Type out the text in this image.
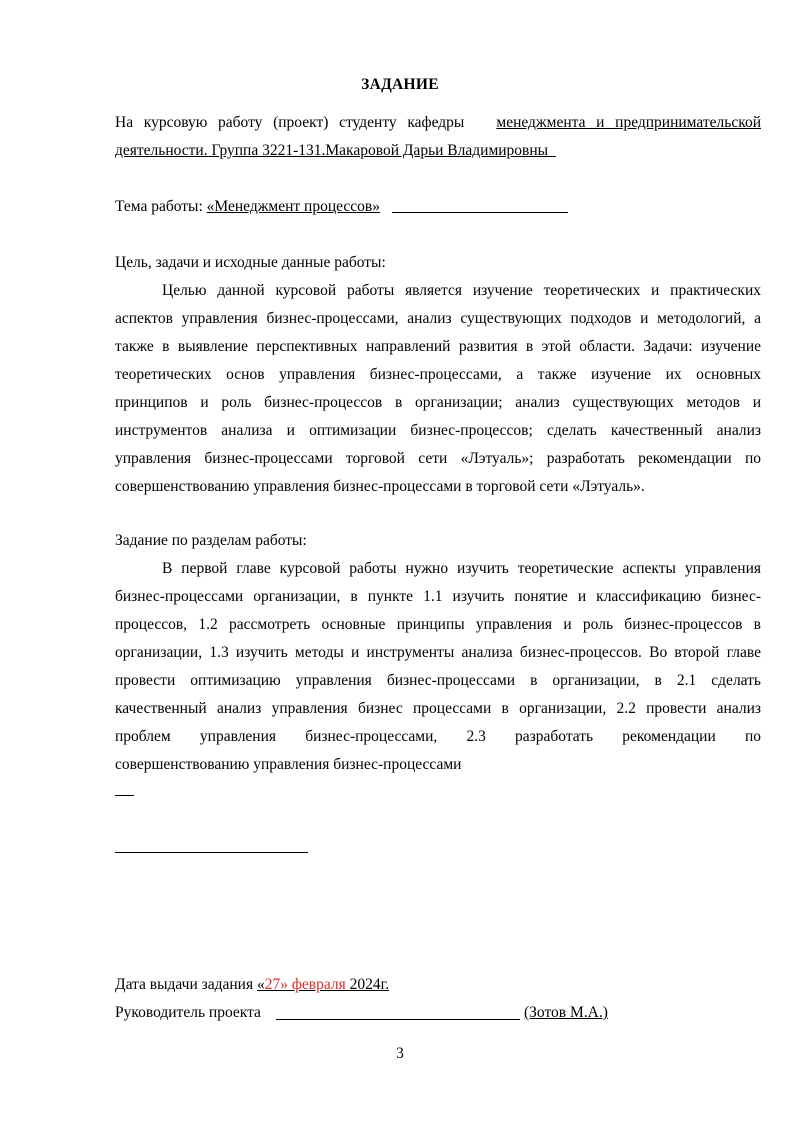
ЗАДАНИЕ
На курсовую работу (проект) студенту кафедры менеджмента и предпринимательской
деятельности. Группа 3221-131.Макаровой Дарьи Владимировны
Тема работы: «Менеджмент процессов»
Цель, задачи и исходные данные работы:
Целью данной курсовой работы является изучение теоретических и практических
аспектов управления бизнес-процессами, анализ существующих подходов и методологий, а
также в выявление перспективных направлений развития в этой области. Задачи: изучение
теоретических основ управления бизнес-процессами, а также изучение их основных
принципов и роль бизнес-процессов в организации; анализ существующих методов и
инструментов анализа и оптимизации бизнес-процессов; сделать качественный анализ
управления бизнес-процессами торговой сети «Лэтуаль»; разработать рекомендации по
совершенствованию управления бизнес-процессами в торговой сети «Лэтуаль».
Задание по разделам работы:
В первой главе курсовой работы нужно изучить теоретические аспекты управления
бизнес-процессами организации, в пункте 1.1 изучить понятие и классификацию бизнес-
процессов, 1.2 рассмотреть основные принципы управления и роль бизнес-процессов в
организации, 1.3 изучить методы и инструменты анализа бизнес-процессов. Во второй главе
провести оптимизацию управления бизнес-процессами в организации, в 2.1 сделать
качественный анализ управления бизнес процессами в организации, 2.2 провести анализ
проблем управления бизнес-процессами, 2.3 разработать рекомендации по
совершенствованию управления бизнес-процессами
Дата выдачи задания «27» февраля 2024г.
Руководитель проекта	(Зотов М.А.)
3
